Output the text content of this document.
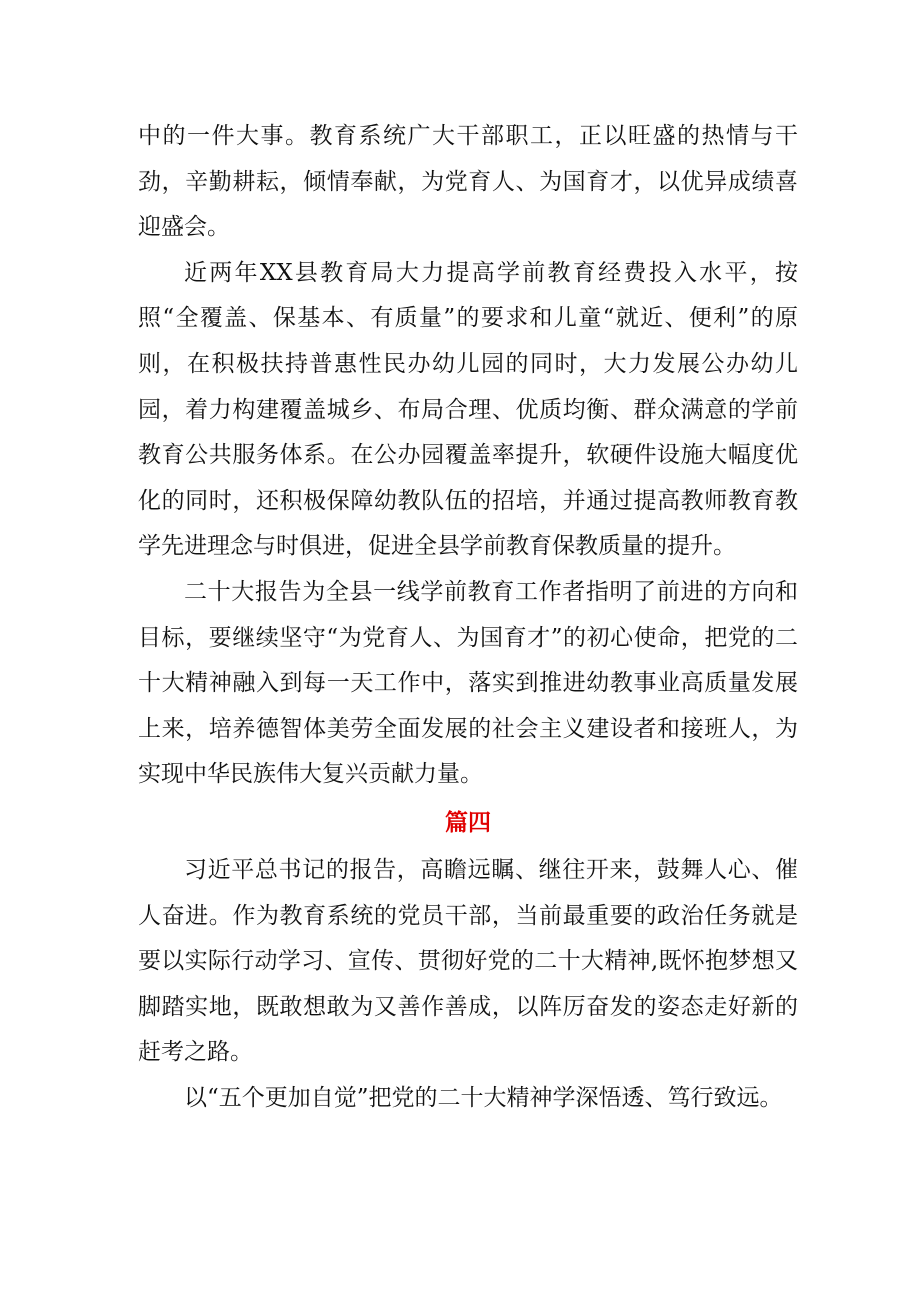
中的一件大事。教育系统广大干部职工，正以旺盛的热情与干劲，辛勤耕耘，倾情奉献，为党育人、为国育才，以优异成绩喜迎盛会。

近两年XX县教育局大力提高学前教育经费投入水平，按照“全覆盖、保基本、有质量”的要求和儿童“就近、便利”的原则，在积极扶持普惠性民办幼儿园的同时，大力发展公办幼儿园，着力构建覆盖城乡、布局合理、优质均衡、群众满意的学前教育公共服务体系。在公办园覆盖率提升，软硬件设施大幅度优化的同时，还积极保障幼教队伍的招培，并通过提高教师教育教学先进理念与时俱进，促进全县学前教育保教质量的提升。

二十大报告为全县一线学前教育工作者指明了前进的方向和目标，要继续坚守“为党育人、为国育才”的初心使命，把党的二十大精神融入到每一天工作中，落实到推进幼教事业高质量发展上来，培养德智体美劳全面发展的社会主义建设者和接班人，为实现中华民族伟大复兴贡献力量。

篇四

习近平总书记的报告，高瞻远瞩、继往开来，鼓舞人心、催人奋进。作为教育系统的党员干部，当前最重要的政治任务就是要以实际行动学习、宣传、贯彻好党的二十大精神,既怀抱梦想又脚踏实地，既敢想敢为又善作善成，以阵厉奋发的姿态走好新的赶考之路。

以“五个更加自觉”把党的二十大精神学深悟透、笃行致远。
